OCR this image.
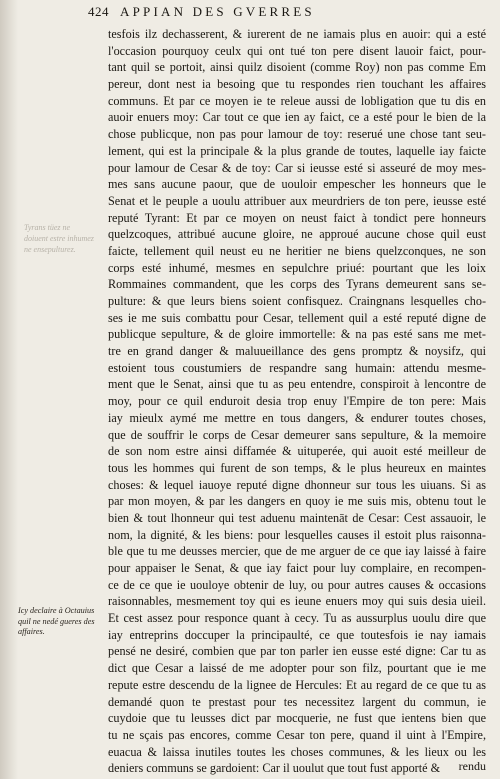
424 APPIAN DES GVERRES
Tyrans tüez ne doiuent estre inhumez ne ensepulturez.
tesfois ilz dechasserent, & iurerent de ne iamais plus en auoir: qui a esté
l'occasion pourquoy ceulx qui ont tué ton pere disent lauoir faict, pour-
tant quil se portoit, ainsi quilz disoient (comme Roy) non pas comme Em
pereur, dont nest ia besoing que tu respondes rien touchant les affaires
communs. Et par ce moyen ie te releue aussi de lobligation que tu dis en
auoir enuers moy: Car tout ce que ien ay faict, ce a esté pour le bien de la
chose publicque, non pas pour lamour de toy: reserué une chose tant seu-
lement, qui est la principale & la plus grande de toutes, laquelle iay faicte
pour lamour de Cesar & de toy: Car si ieusse esté si asseuré de moy mes-
mes sans aucune paour, que de uouloir empescher les honneurs que le
Senat et le peuple a uoulu attribuer aux meurdriers de ton pere, ieusse esté
reputé Tyrant: Et par ce moyen on neust faict à tondict pere honneurs
quelzcoques, attribué aucune gloire, ne approué aucune chose quil eust
faicte, tellement quil neust eu ne heritier ne biens quelzconques, ne son
corps esté inhumé, mesmes en sepulchre priué: pourtant que les loix
Rommaines commandent, que les corps des Tyrans demeurent sans se-
pulture: & que leurs biens soient confisquez. Craingnans lesquelles cho-
ses ie me suis combattu pour Cesar, tellement quil a esté reputé digne de
publicque sepulture, & de gloire immortelle: & na pas esté sans me met-
tre en grand danger & maluueillance des gens promptz & noysifz, qui
estoient tous coustumiers de respandre sang humain: attendu mesme-
ment que le Senat, ainsi que tu as peu entendre, conspiroit à lencontre de
moy, pour ce quil enduroit desia trop enuy l'Empire de ton pere: Mais
iay mieulx aymé me mettre en tous dangers, & endurer toutes choses,
que de souffrir le corps de Cesar demeurer sans sepulture, & la memoire
de son nom estre ainsi diffamée & uituperée, qui auoit esté meilleur de
tous les hommes qui furent de son temps, & le plus heureux en maintes
choses: & lequel iauoye reputé digne dhonneur sur tous les uiuans. Si as
par mon moyen, & par les dangers en quoy ie me suis mis, obtenu tout le
bien & tout lhonneur qui test aduenu maintenāt de Cesar: Cest assauoir, le
nom, la dignité, & les biens: pour lesquelles causes il estoit plus raisonna-
ble que tu me deusses mercier, que de me arguer de ce que iay laissé à faire
pour appaiser le Senat, & que iay faict pour luy complaire, en recompen-
ce de ce que ie uouloye obtenir de luy, ou pour autres causes & occasions
raisonnables, mesmement toy qui es ieune enuers moy qui suis desia uieil.
Et cest assez pour responce quant à cecy. Tu as aussurplus uoulu dire que
iay entreprins doccuper la principaulté, ce que toutesfois ie nay iamais
pensé ne desiré, combien que par ton parler ien eusse esté digne: Car tu as
dict que Cesar a laissé de me adopter pour son filz, pourtant que ie me
repute estre descendu de la lignee de Hercules: Et au regard de ce que tu as
demandé quon te prestast pour tes necessitez largent du commun, ie
cuydoie que tu leusses dict par mocquerie, ne fust que ientens bien que
tu ne sçais pas encores, comme Cesar ton pere, quand il uint à l'Empire,
euacua & laissa inutiles toutes les choses communes, & les lieux ou les
deniers communs se gardoient: Car il uoulut que tout fust apporté &
Icy declaire à Octauius quil ne nedé gueres des affaires.
rendu
